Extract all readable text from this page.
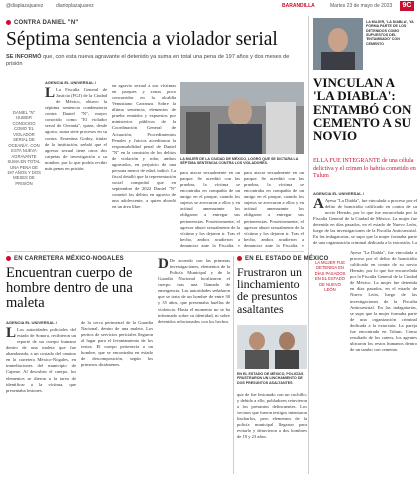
@diaplazajuarez	diarioplazajuarez	BARANDILLA	Martes 23 de mayo de 2023	9C
CONTRA DANIEL "N"
Séptima sentencia a violador serial
SE INFORMÓ que, con esta nueva agravante el detenido ya suma en total una pena de 197 años y dos meses de prisión
DANIEL "N" HUBIER CONOCIDO COMO 'EL VIOLADOR SERIAL DE OCEANÍA'. CON ESTA NUEVA AGRAVANTE SUMA EN TOTAL UNA PENA DE 197 AÑOS Y DOS MESES DE PRISIÓN
AGENCIA EL UNIVERSAL /
L La Fiscalía General de Justicia (FGJ) de la Ciudad de México, obtuvo la séptima sentencia condenatoria contra Daniel "N", mayor conocido como "El violador serial de Oceanía", quien, desde agosto, suma siete procesos en su contra. Ernestina Godoy, titular de la institución, señaló que el agresor sexual tiene otros dos carpetas de investigación a su nombre, por lo que podría recibir más penas en prisión.
en agravio sexual a sus víctimas en parques y zonas poco concurridas en la alcaldía Venustiano Carranza. Sobre la última sentencia, elementos de prueba reunidos y expuestos por ministerios públicos de la Coordinación General de Actuación, Procedimientos Penales y Juicios acreditaron la responsabilidad penal de Daniel "N" en la comisión de los delitos de violación y robo, ambos agravados, en perjuicio de una persona menor de edad, indicó. La fiscal detalló que la representación social comprobó que en septiembre de 2022 Daniel "N" cometió los delitos en agravio de una adolescente, a quien abordó en un área libre.
LA MUJER DE LA CIUDAD DE MÉXICO, LOGRÓ QUE SE DICTARA LA SÉPTIMA SENTENCIA CONTRA LOS VIOLADORES.
para atacar sexualmente en un parque. Se acreditó con las pruebas, la víctima se encontraba en compañía de un amigo en el parque, cuando los sujetos se acercaron a ellos y en actitud amenazante los obligaron a entregar sus pertenencias. Posteriormente, el agresor abusó sexualmente de la víctima y los dejaron ir. Tras el hecho, ambos acudieron a denunciar ante la Fiscalía, y
para atacar sexualmente en un parque. Se acreditó con las pruebas, la víctima se encontraba en compañía de un amigo en el parque, cuando los sujetos se acercaron a ellos y en actitud amenazante los obligaron a entregar sus pertenencias. Posteriormente, el agresor abusó sexualmente de la víctima y los dejaron ir. Tras el hecho, ambos acudieron a denunciar ante la Fiscalía, y
LA MUJER, 'LA DIABLA', YA FORMA PARTE DE LOS DETENIDOS COMO SUPUESTOS DEL 'ENTAMBADO' CON CEMENTO
VINCULAN A 'LA DIABLA': ENTAMBÓ CON CEMENTO A SU NOVIO
ELLA FUE INTEGRANTE de una célula delictiva y el crimen lo habría cometido en Tulum
AGENCIA EL UNIVERSAL /
A Ayesa "La Diabla", fue vinculada a proceso por el delito de homicidio calificado en contra de su novio Hernán, por lo que fue encarcelada por la Fiscalía General de la Ciudad de México. La mujer fue detenida en días pasados, en el estado de Nuevo León, luego de las investigaciones de la Fiscalía Anticuestrial. En las indagatorias, se supo que la mujer formaba parte de una organización criminal dedicada a la extorsión. La
LA MUJER FUE DETENIDA EN DÍAS PASADOS EN EL ESTADO DE NUEVO LEÓN
Ayesa "La Diabla", fue vinculada a proceso por el delito de homicidio calificado en contra de su novio Hernán, por lo que fue encarcelada por la Fiscalía General de la Ciudad de México. La mujer fue detenida en días pasados, en el estado de Nuevo León, luego de las investigaciones de la Fiscalía Anticuestrial. En las indagatorias, se supo que la mujer formaba parte de una organización criminal dedicada a la extorsión. La pareja fue encontrada en Tulum. Como resultado de los cateos, los agentes ubicaron los restos humanos dentro de un tambo con cemento.
EN CARRETERA MÉXICO-NOGALES
Encuentran cuerpo de hombre dentro de una maleta
AGENCIA EL UNIVERSAL /
L Los autoridades policiales del estado de Sonora, recibieron un reporte de un cuerpo humano dentro de una maleta que fue abandonada, a un costado del camino en la carretera México-Nogales, en inmediaciones del municipio de Cajeme. Al descubrir el cuerpo, los elementos se dieron a la tarea de identificar a la víctima, que presentaba lesiones.
de la cerca perimetral de la Guardia Nacional, dentro de una maleta. Los peritos de servicios periciales llegaron al lugar para el levantamiento de los restos. El cuerpo pertenecía a un hombre, que se encontraba en estado de descomposición, según los primeros dictámenes.
D De acuerdo con las primeras investigaciones, elementos de la Policía Municipal y de la Guardia Nacional localizaron el cuerpo tras una llamada de emergencia. Las autoridades señalaron que se trata de un hombre de entre 30 y 35 años, que presentaba huellas de violencia. Hasta el momento no se ha informado sobre su identidad, ni sobre detenidos relacionados con los hechos.
EN EL ESTADO DE MÉXICO
Frustraron un linchamiento de presuntos asaltantes
EN EL ESTADO DE MÉXICO, POLICÍAS FRUSTRARON UN LINCHAMIENTO DE DOS PRESUNTOS ASALTANTES
que de fue lesionado con un cuchillo; y debido a ello, pobladores retuvieron a los presuntos delincuentes. Los vecinos que fueron testigos intentaron lincharlos, pero elementos de la policía municipal llegaron para evitarlo y detuvieron a dos hombres de 19 y 23 años.
